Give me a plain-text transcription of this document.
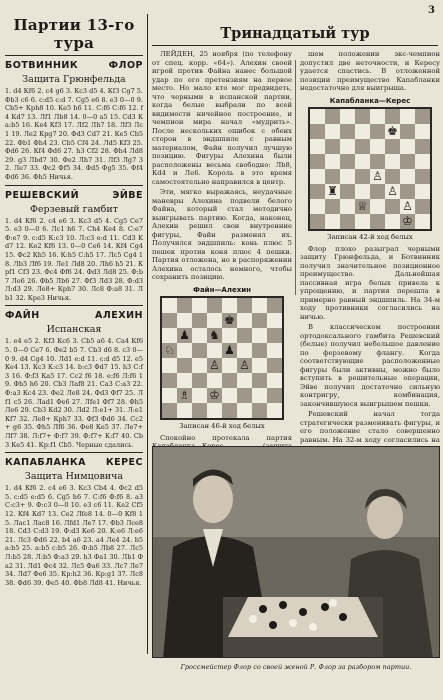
3
Партии 13-го тура
БОТВИННИК	ФЛОР
Защита Грюнфельда
1. d4 Кf6 2. c4 g6 3. Кс3 d5 4. Кf3 Сg7 5. Фb3 c6 6. с:d5 c:d 7. Сg5 e6 8. e3 0—0 9. Сb5+ Крh8 10. Ке5 h6 11. С:f6 С:f6 12. f4 Кd7 13. Лf1 Лb8 14. 0—0 a5 15. Сd3 Ка:b5 16. Кe4 Кf3 17. Лf2 Лh7 18. Лf3 Лс1 19. Ле2 Кpg7 20. Фd3 Сd7 21. Кe5 Сb5 22. Фb1 Фh4 23. Сb5 Сf4 24. Лd5 Kf3 25. Фd6 26. Кf4 Фd6 27. h3 Сf2 28. Фh4 Лd8 29. g3 Лbd7 30. Фе2 Лh7 31. Лf3 Лg7 32. Лe7 33. Фс2 Фf5 34. Фd5 Фg5 35. Фf4 Фd6 36. Фh5 Ничья.
РЕШЕВСКИЙ	ЭЙВЕ
Ферзевый гамбит
1. d4 Кf6 2. с4 e6 3. Кс3 d5 4. Сg5 Ce7 5. e3 0—0 6. Лс1 h6 7. Сh4 Ке4 8. С:е7 Ф:е7 9. с:d5 К:с3 10. Л:с3 e:d 11. Сd3 Kd7 12. Кe2 Kf6 13. 0—0 Сe6 14. Кf4 Сg4 15. Фс2 Кh5 16. К:h5 С:h5 17. Лс5 Сg4 18. Лb3 Лf6 19. Ле1 Лd8 20. Лh6 h5 21. Крf1 Сf3 23. Фc4 Фf6 24. Фd3 Лd8 25. Ф:b7 Лe6 26. Фb5 Лb6 27. Фf3 Лd3 28. Ф:d3 Л:d3 29. Лe8+ Крh7 30. Лс8 Ф:а8 31. Лb1 32. Крe3 Ничья.
ФАЙН	АЛЕХИН
Испанская
1. e4 e5 2. Кf3 Кс6 3. Сb5 a6 4. Сa4 Кf6 5. 0—0 Сe7 6. Фe2 b5 7. Сb3 d6 8. c3 0—0 9. d4 Сg4 10. Лd1 e:d 11. c:d d5 12. е5 Кe4 13. Кc3 К:c3 14. b:c3 Фd7 15. h3 С:f3 16. Ф:f3 Кa5 17. Сc2 f6 18. e:f6 Л:f6 19. Фh5 h6 20. Сb3 Лaf8 21. Сa3 С:а3 22. Ф:a3 Кc4 23. Фe2 Лe8 24. Фd3 Фf7 25. Лf1 c5 26. Лad1 Фe6 27. Лfe1 Фf7 28. Фh5 Лe6 29. Сb3 Кd2 30. Лd2 Л:e1+ 31. Л:e1 Кf7 32. Лe8+ Крh7 33. Фf3 Фd6 34. Сc2+ g6 35. Фh5 Лf6 36. Фe8 Кe5 37. Лe7+ Лf7 38. Л:f7+ Ф:f7 39. Ф:f7+ К:f7 40. Сb3 Кe5 41. Кр:f1 Сb5. Черные сдались.
КАПАБЛАНКА КЕРЕС
Защита Нимцовича
1. d4 Кf6 2. c4 e6 3. Кс3 Сb4 4. Фc2 d5 5. c:d5 e:d5 6. Сg5 h6 7. С:f6 Ф:f6 8. a3 С:c3+ 9. Ф:c3 0—0 10. e3 c6 11. Кe2 Сf5 12. Кf4 Кd7 13. Сe2 Лfe8 14. 0—0 Кf8 15. Лac1 Лac8 16. Лfd1 Лe7 17. Фb3 Лce8 18. Сd3 С:d3 19. Ф:d3 Кe6 20. К:e6 Л:e6 21. Лc3 Фd6 22. b4 a6 23. a4 Лe4 24. b5 a:b5 25. a:b5 c:b5 26. Ф:b5 Лb8 27. Лc5 Л:b5 28. Л:b5 Ф:a3 29. h3 Фa1 30. Лb1 Фa2 31. Лd1 Фc4 32. Лc5 Фa6 33. Лc7 Лe7 34. Лd7 Фe6 35. Кр:h2 36. Кр:g1 37. Лс8 38. Фd6 39. Фe5 40. Фb8 Лd8 41. Ничья.
Тринадцатый тур

ЛЕЙДЕН, 25 ноября (по телефону от спец. корр. «64»). Алехин своей игрой против Файна нанес большой удар по его претензиям на первое место. Но мало кто мог предвидеть, что черными в испанской партии, когда белые выбрали по всей видимости ничейное построение, и чемпион мира начал «мудрить». После нескольких ошибок с обеих сторон в эндшпиле с равным материалом, Файн получил лучшую позицию. Фигуры Алехина были расположены весьма свободно: Лb8, Кd4 и Лe6. Король в это время самостоятельно направился в центр.

Эти, мягко выражаясь, неудачные маневры Алехина подвели белого Файна, который стал методично выигрывать партию. Когда, наконец, Алехин решил свои внутренние фигуры, Файн разменял их. Получился эндшпиль: конь плюс 5 пешек против коня плюс 4 пешки. Партия отложена, но в распоряжении Алехина осталось немного, чтобы сохранить позицию.

Файн—Алехин
♚
♟ ♞
♘	♟
♙ ♙
♗ ♔
Записан 46-й ход белых

Спокойно протекала партия

шем положении экс-чемпион допустил две неточности, и Кересу удается спастись. В отложенной позиции преимущество Капабланки недостаточно для выигрыша.

Капабланка—Керес
♚
♙
♜	♙
♕	♙
♔
Записан 42-й ход белых

Флор плохо разыграл черными защиту Грюнфельда, и Ботвинник получил значительное позиционное преимущество. Дальнейшая пассивная игра белых привела к упрощению, и партия перешла в примерно равный эндшпиль. На 34-м ходу противники согласились на ничью.

В классическом построении ортодоксального гамбита Решевский (белые) получил небольшое давление по ферзевому флангу. Когда соответствующие расположенные фигуры были активны, можно было вступить в решительные операции, Эйве получил достаточно сильную контригру, комбинация, закончившуюся выигрышем пешки.

Решевский начал тогда стратегически разменивать фигуры, и его положение стало совершенно равным. На 32-м ходу согласились на

Гроссмейстер Флор со своей женой Р. Флор за разбором партии.
